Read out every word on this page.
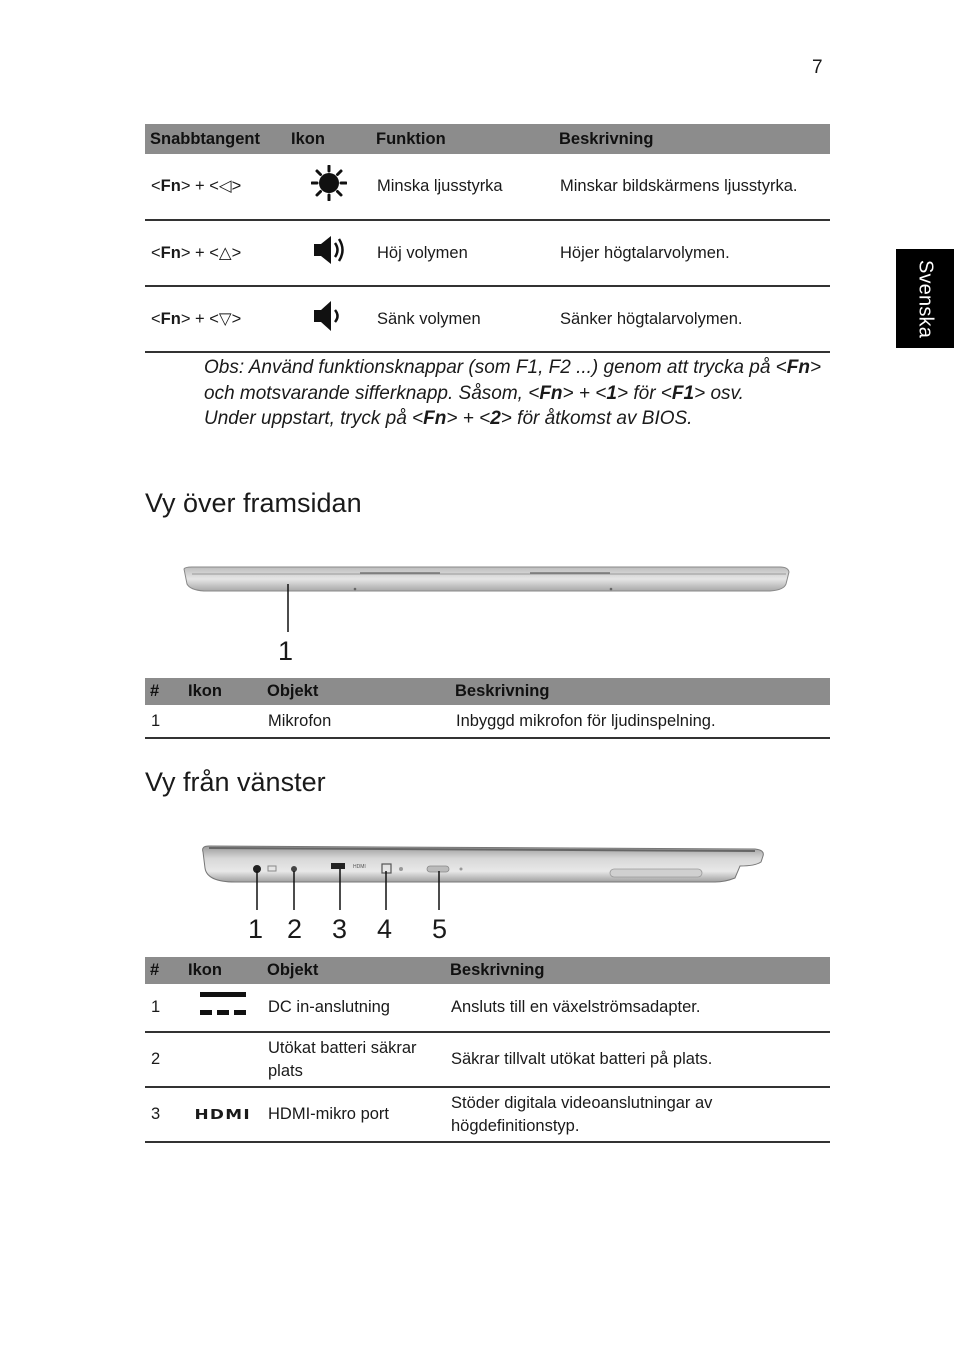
7
Svenska
Snabbtangent	Ikon	Funktion	Beskrivning
<Fn> + <◁>		Minska ljusstyrka	Minskar bildskärmens ljusstyrka.
<Fn> + <△>		Höj volymen	Höjer högtalarvolymen.
<Fn> + <▽>		Sänk volymen	Sänker högtalarvolymen.

Obs: Använd funktionsknappar (som F1, F2 ...) genom att trycka på <Fn> och motsvarande sifferknapp. Såsom, <Fn> + <1> för <F1> osv.

Under uppstart, tryck på <Fn> + <2> för åtkomst av BIOS.

Vy över framsidan
1
#	Ikon	Objekt	Beskrivning
1		Mikrofon	Inbyggd mikrofon för ljudinspelning.
Vy från vänster
HDMI
1 2 3 4 5
#	Ikon	Objekt	Beskrivning
1		DC in-anslutning	Ansluts till en växelströmsadapter.
2		Utökat batteri säkrar plats	Säkrar tillvalt utökat batteri på plats.
3	HDMI	HDMI-mikro port	Stöder digitala videoanslutningar av högdefinitionstyp.
